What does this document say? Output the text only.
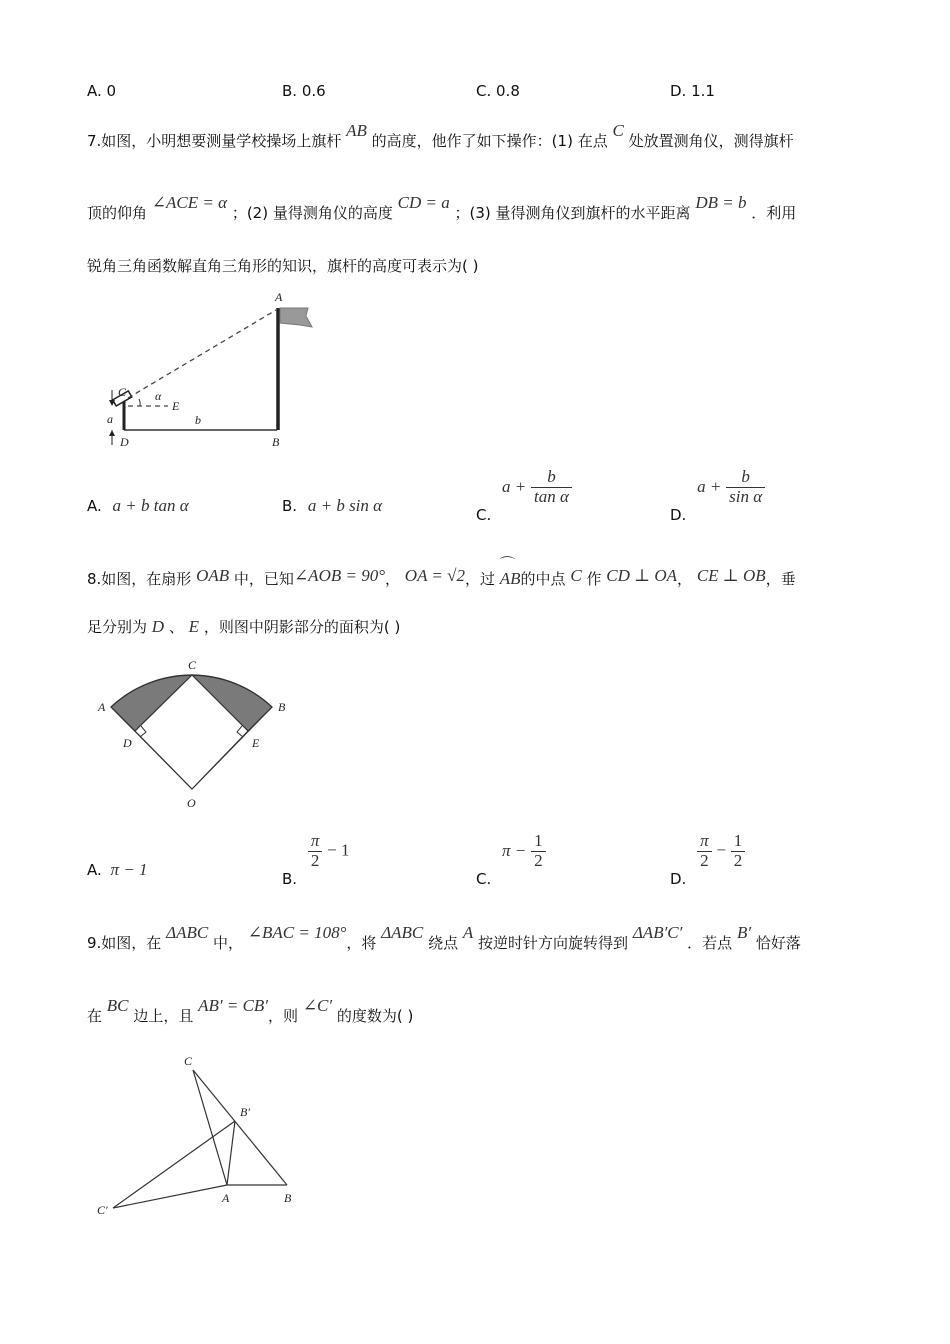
A. 0	B. 0.6	C. 0.8	D. 1.1
7.如图，小明想要测量学校操场上旗杆 AB 的高度，他作了如下操作：(1) 在点 C 处放置测角仪，测得旗杆
顶的仰角 ∠ACE = α ；(2) 量得测角仪的高度 CD = a ；(3) 量得测角仪到旗杆的水平距离 DB = b ．利用
锐角三角函数解直角三角形的知识，旗杆的高度可表示为( )
A
C α
E
b
a
D	B
A. a + b tan α	B. a + b sin α	C. $a + \frac{b}{\text{tan α}}$
D. $a + \frac{b}{\text{sin α}}$
8.如图，在扇形 OAB 中，已知∠AOB = 90°， OA = √2，过
⌒
AB的中点 C 作 CD ⊥ OA， CE ⊥ OB，垂
足分别为 D 、 E ，则图中阴影部分的面积为( )
C
A	B
D	E
O
A. π − 1	B.
$\frac{\pi}{2} - 1$
C. $\pi - \frac{1}{2}$
D.
$\frac{\pi}{2} - \frac{1}{2}$
9.如图，在 ΔABC 中， ∠BAC = 108°，将 ΔABC 绕点 A 按逆时针方向旋转得到 ΔAB′C′ ．若点 B′ 恰好落
在 BC 边上，且 AB′ = CB′，则 ∠C′ 的度数为( )
C
B′
C′
A	B
